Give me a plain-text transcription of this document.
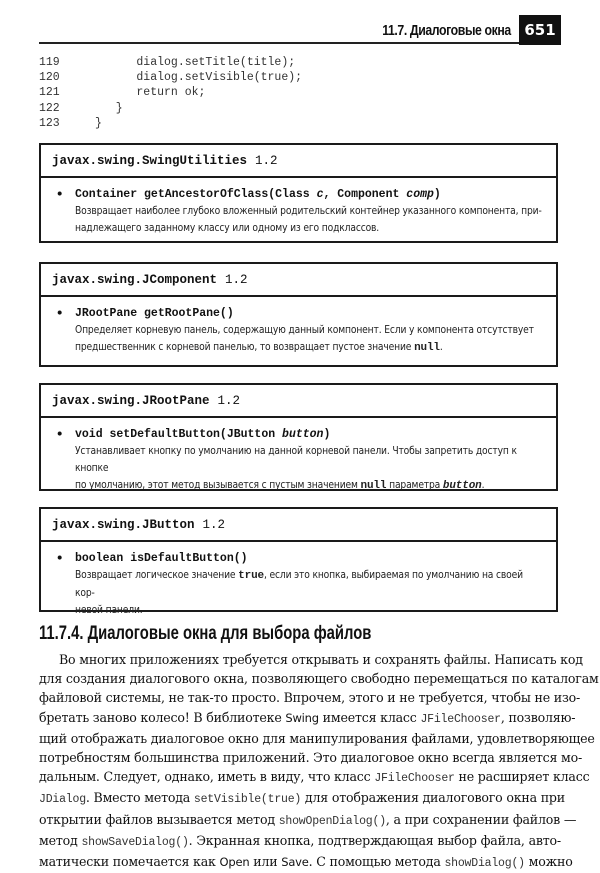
11.7. Диалоговые окна 651
119	dialog.setTitle(title);
120	dialog.setVisible(true);
121	return ok;
122	}
123	}
javax.swing.SwingUtilities 1.2
• Container getAncestorOfClass(Class c, Component comp)
Возвращает наиболее глубоко вложенный родительский контейнер указанного компонента, при-
надлежащего заданному классу или одному из его подклассов.
javax.swing.JComponent 1.2
• JRootPane getRootPane()
Определяет корневую панель, содержащую данный компонент. Если у компонента отсутствует
предшественник с корневой панелью, то возвращает пустое значение null.
javax.swing.JRootPane 1.2
• void setDefaultButton(JButton button)
Устанавливает кнопку по умолчанию на данной корневой панели. Чтобы запретить доступ к кнопке
по умолчанию, этот метод вызывается с пустым значением null параметра button.
javax.swing.JButton 1.2
• boolean isDefaultButton()
Возвращает логическое значение true, если это кнопка, выбираемая по умолчанию на своей кор-
невой панели.
11.7.4. Диалоговые окна для выбора файлов
Во многих приложениях требуется открывать и сохранять файлы. Написать код
для создания диалогового окна, позволяющего свободно перемещаться по каталогам
файловой системы, не так-то просто. Впрочем, этого и не требуется, чтобы не изо-
бретать заново колесо! В библиотеке Swing имеется класс JFileChooser, позволяю-
щий отображать диалоговое окно для манипулирования файлами, удовлетворяющее
потребностям большинства приложений. Это диалоговое окно всегда является мо-
дальным. Следует, однако, иметь в виду, что класс JFileChooser не расширяет класс
JDialog. Вместо метода setVisible(true) для отображения диалогового окна при
открытии файлов вызывается метод showOpenDialog(), а при сохранении файлов —
метод showSaveDialog(). Экранная кнопка, подтверждающая выбор файла, авто-
матически помечается как Open или Save. С помощью метода showDialog() можно
